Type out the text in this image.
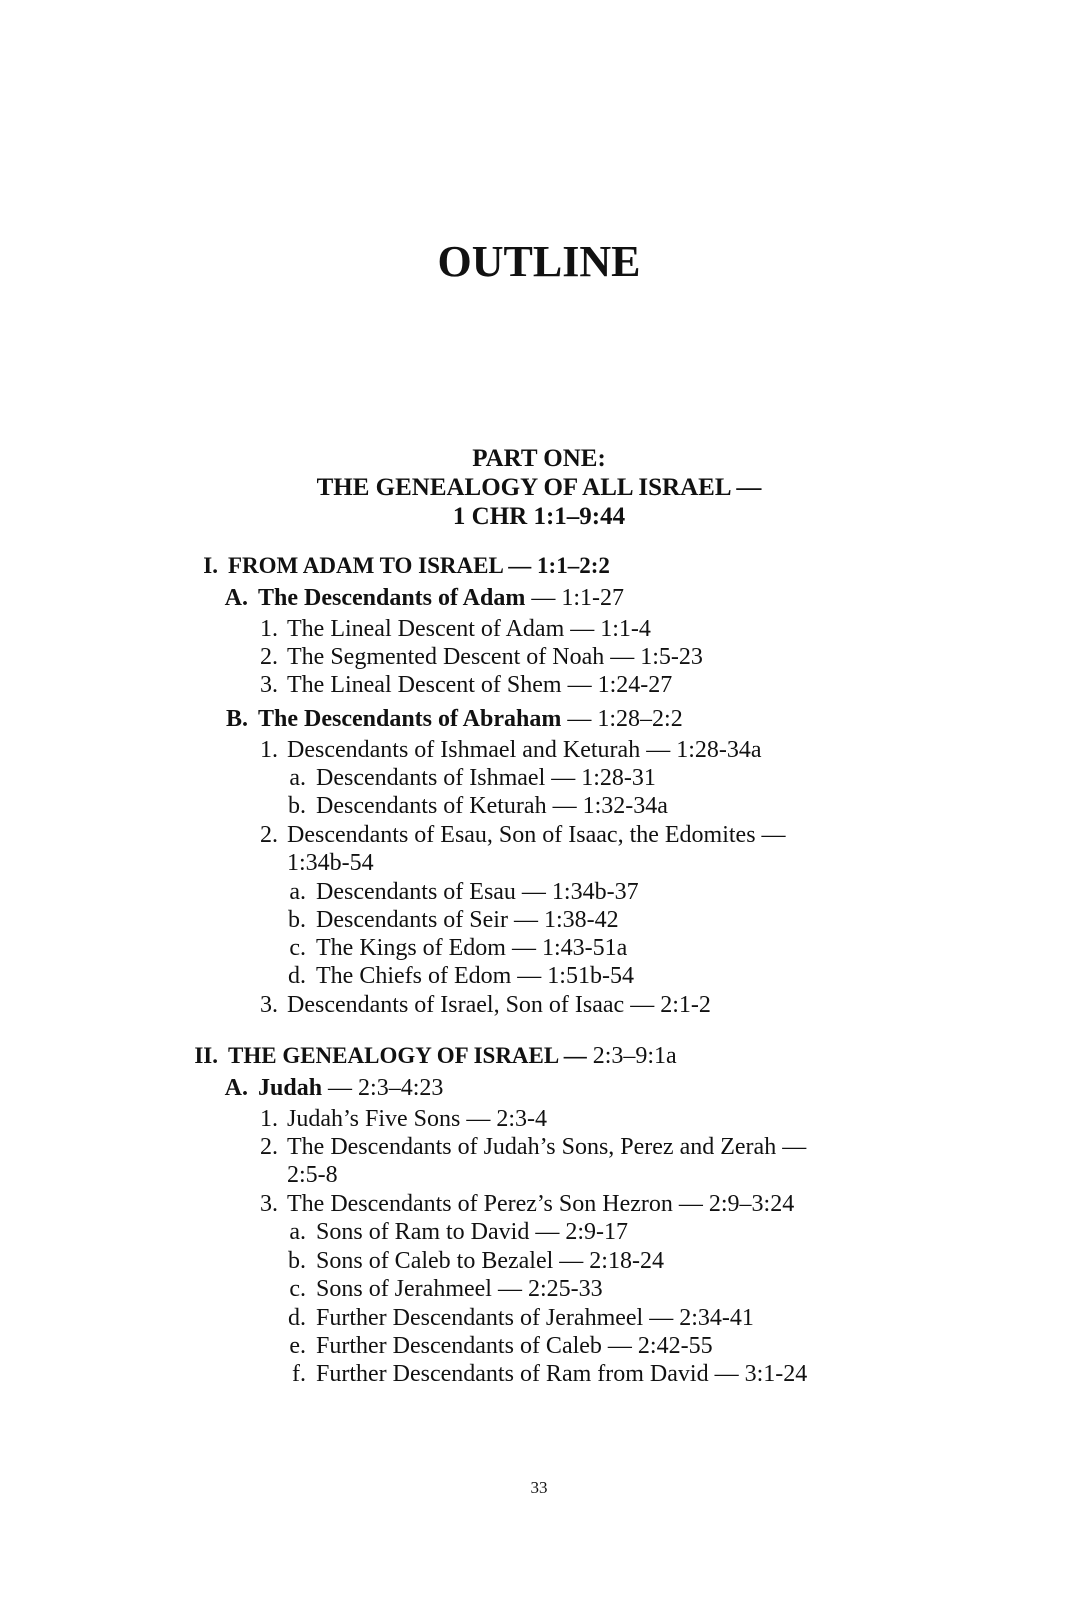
OUTLINE
PART ONE:
THE GENEALOGY OF ALL ISRAEL —
1 CHR 1:1–9:44
I. FROM ADAM TO ISRAEL — 1:1–2:2
A. The Descendants of Adam — 1:1-27
1. The Lineal Descent of Adam — 1:1-4
2. The Segmented Descent of Noah — 1:5-23
3. The Lineal Descent of Shem — 1:24-27
B. The Descendants of Abraham — 1:28–2:2
1. Descendants of Ishmael and Keturah — 1:28-34a
a. Descendants of Ishmael — 1:28-31
b. Descendants of Keturah — 1:32-34a
2. Descendants of Esau, Son of Isaac, the Edomites —
1:34b-54
a. Descendants of Esau — 1:34b-37
b. Descendants of Seir — 1:38-42
c. The Kings of Edom — 1:43-51a
d. The Chiefs of Edom — 1:51b-54
3. Descendants of Israel, Son of Isaac — 2:1-2
II. THE GENEALOGY OF ISRAEL — 2:3–9:1a
A. Judah — 2:3–4:23
1. Judah’s Five Sons — 2:3-4
2. The Descendants of Judah’s Sons, Perez and Zerah —
2:5-8
3. The Descendants of Perez’s Son Hezron — 2:9–3:24
a. Sons of Ram to David — 2:9-17
b. Sons of Caleb to Bezalel — 2:18-24
c. Sons of Jerahmeel — 2:25-33
d. Further Descendants of Jerahmeel — 2:34-41
e. Further Descendants of Caleb — 2:42-55
f. Further Descendants of Ram from David — 3:1-24
33
